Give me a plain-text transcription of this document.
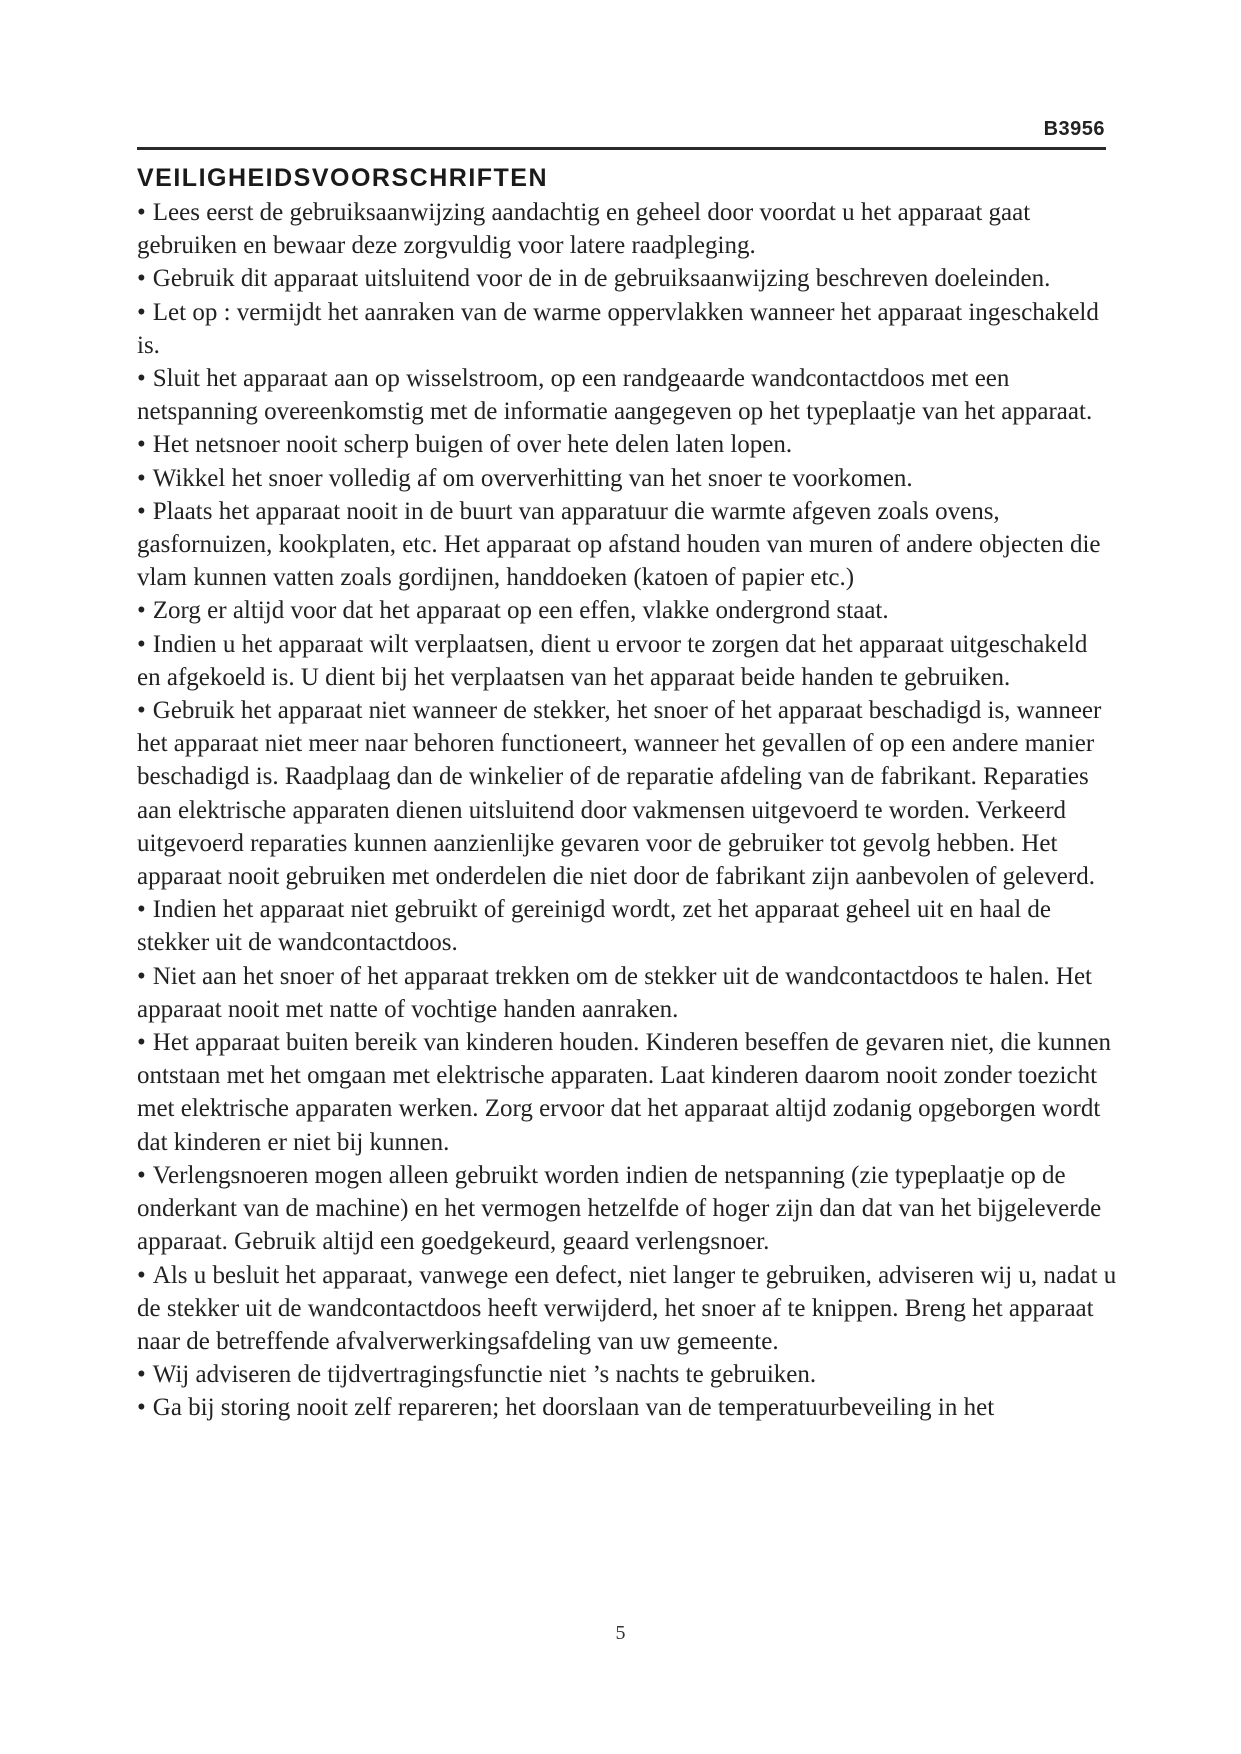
B3956
VEILIGHEIDSVOORSCHRIFTEN
• Lees eerst de gebruiksaanwijzing aandachtig en geheel door voordat u het apparaat gaat gebruiken en bewaar deze zorgvuldig voor latere raadpleging.
• Gebruik dit apparaat uitsluitend voor de in de gebruiksaanwijzing beschreven doeleinden.
• Let op : vermijdt het aanraken van de warme oppervlakken wanneer het apparaat ingeschakeld is.
• Sluit het apparaat aan op wisselstroom, op een randgeaarde wandcontactdoos met een netspanning overeenkomstig met de informatie aangegeven op het typeplaatje van het apparaat.
• Het netsnoer nooit scherp buigen of over hete delen laten lopen.
• Wikkel het snoer volledig af om oververhitting van het snoer te voorkomen.
• Plaats het apparaat nooit in de buurt van apparatuur die warmte afgeven zoals ovens, gasfornuizen, kookplaten, etc. Het apparaat op afstand houden van muren of andere objecten die vlam kunnen vatten zoals gordijnen, handdoeken (katoen of papier etc.)
• Zorg er altijd voor dat het apparaat op een effen, vlakke ondergrond staat.
• Indien u het apparaat wilt verplaatsen, dient u ervoor te zorgen dat het apparaat uitgeschakeld en afgekoeld is. U dient bij het verplaatsen van het apparaat beide handen te gebruiken.
• Gebruik het apparaat niet wanneer de stekker, het snoer of het apparaat beschadigd is, wanneer het apparaat niet meer naar behoren functioneert, wanneer het gevallen of op een andere manier beschadigd is. Raadplaag dan de winkelier of de reparatie afdeling van de fabrikant. Reparaties aan elektrische apparaten dienen uitsluitend door vakmensen uitgevoerd te worden. Verkeerd uitgevoerd reparaties kunnen aanzienlijke gevaren voor de gebruiker tot gevolg hebben. Het apparaat nooit gebruiken met onderdelen die niet door de fabrikant zijn aanbevolen of geleverd.
• Indien het apparaat niet gebruikt of gereinigd wordt, zet het apparaat geheel uit en haal de stekker uit de wandcontactdoos.
• Niet aan het snoer of het apparaat trekken om de stekker uit de wandcontactdoos te halen. Het apparaat nooit met natte of vochtige handen aanraken.
• Het apparaat buiten bereik van kinderen houden. Kinderen beseffen de gevaren niet, die kunnen ontstaan met het omgaan met elektrische apparaten. Laat kinderen daarom nooit zonder toezicht met elektrische apparaten werken. Zorg ervoor dat het apparaat altijd zodanig opgeborgen wordt dat kinderen er niet bij kunnen.
• Verlengsnoeren mogen alleen gebruikt worden indien de netspanning (zie typeplaatje op de onderkant van de machine) en het vermogen hetzelfde of hoger zijn dan dat van het bijgeleverde apparaat. Gebruik altijd een goedgekeurd, geaard verlengsnoer.
• Als u besluit het apparaat, vanwege een defect, niet langer te gebruiken, adviseren wij u, nadat u de stekker uit de wandcontactdoos heeft verwijderd, het snoer af te knippen. Breng het apparaat naar de betreffende afvalverwerkingsafdeling van uw gemeente.
• Wij adviseren de tijdvertragingsfunctie niet ’s nachts te gebruiken.
• Ga bij storing nooit zelf repareren; het doorslaan van de temperatuurbeveiling in het
5
